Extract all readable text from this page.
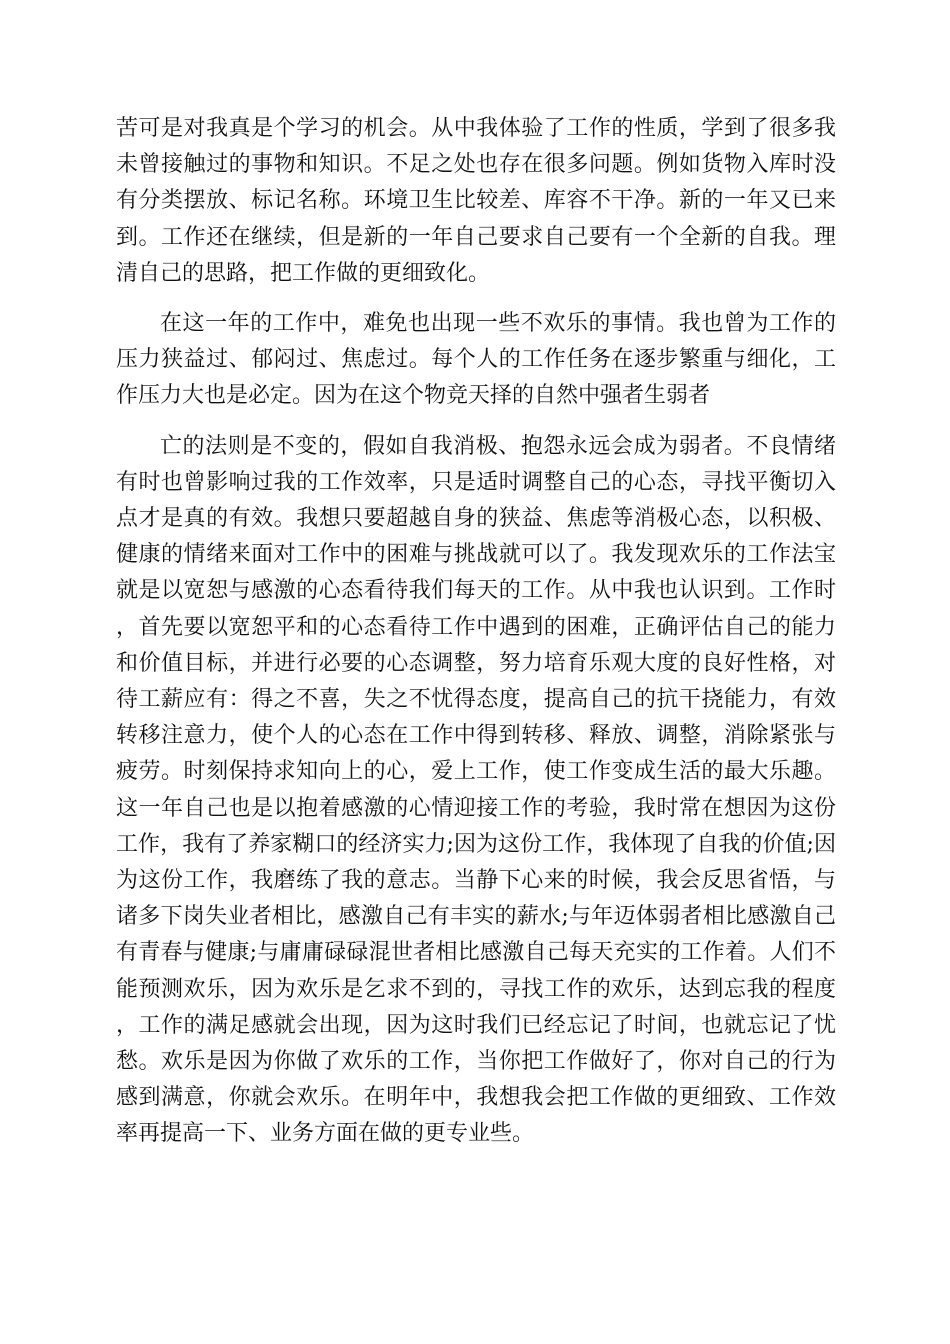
苦可是对我真是个学习的机会。从中我体验了工作的性质，学到了很多我未曾接触过的事物和知识。不足之处也存在很多问题。例如货物入库时没有分类摆放、标记名称。环境卫生比较差、库容不干净。新的一年又已来到。工作还在继续，但是新的一年自己要求自己要有一个全新的自我。理清自己的思路，把工作做的更细致化。

在这一年的工作中，难免也出现一些不欢乐的事情。我也曾为工作的压力狭益过、郁闷过、焦虑过。每个人的工作任务在逐步繁重与细化，工作压力大也是必定。因为在这个物竞天择的自然中强者生弱者

亡的法则是不变的，假如自我消极、抱怨永远会成为弱者。不良情绪有时也曾影响过我的工作效率，只是适时调整自己的心态，寻找平衡切入点才是真的有效。我想只要超越自身的狭益、焦虑等消极心态，以积极、健康的情绪来面对工作中的困难与挑战就可以了。我发现欢乐的工作法宝就是以宽恕与感激的心态看待我们每天的工作。从中我也认识到。工作时，首先要以宽恕平和的心态看待工作中遇到的困难，正确评估自己的能力和价值目标，并进行必要的心态调整，努力培育乐观大度的良好性格，对待工薪应有：得之不喜，失之不忧得态度，提高自己的抗干挠能力，有效转移注意力，使个人的心态在工作中得到转移、释放、调整，消除紧张与疲劳。时刻保持求知向上的心，爱上工作，使工作变成生活的最大乐趣。这一年自己也是以抱着感激的心情迎接工作的考验，我时常在想因为这份工作，我有了养家糊口的经济实力;因为这份工作，我体现了自我的价值;因为这份工作，我磨练了我的意志。当静下心来的时候，我会反思省悟，与诸多下岗失业者相比，感激自己有丰实的薪水;与年迈体弱者相比感激自己有青春与健康;与庸庸碌碌混世者相比感激自己每天充实的工作着。人们不能预测欢乐，因为欢乐是乞求不到的，寻找工作的欢乐，达到忘我的程度，工作的满足感就会出现，因为这时我们已经忘记了时间，也就忘记了忧愁。欢乐是因为你做了欢乐的工作，当你把工作做好了，你对自己的行为感到满意，你就会欢乐。在明年中，我想我会把工作做的更细致、工作效率再提高一下、业务方面在做的更专业些。
